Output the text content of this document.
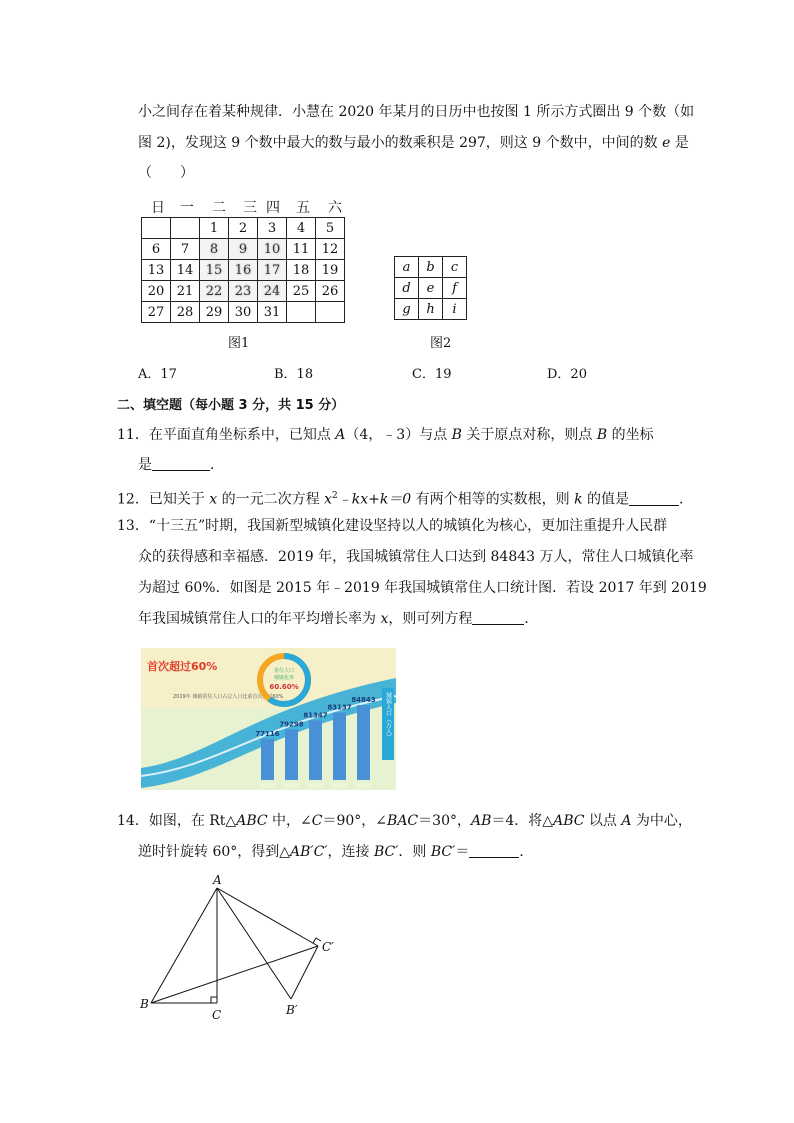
小之间存在着某种规律．小慧在 2020 年某月的日历中也按图 1 所示方式圈出 9 个数（如
图 2)，发现这 9 个数中最大的数与最小的数乘积是 297，则这 9 个数中，中间的数 e 是
（　　）
日 一 二 三 四 五 六
		1	2	3	4	5
6	7	8	9	10	11	12
13	14	15	16	17	18	19
20	21	22	23	24	25	26
27	28	29	30	31		
图1
a	b	c
d	e	f
g	h	i
图2
A．17	B．18	C．19	D．20
二、填空题（每小题 3 分，共 15 分）
11．在平面直角坐标系中，已知点 A（4，﹣3）与点 B 关于原点对称，则点 B 的坐标
是	．
12．已知关于 x 的一元二次方程 $x^2﹣kx+k=0$ 有两个相等的实数根，则 k 的值是	．
13．“十三五”时期，我国新型城镇化建设坚持以人的城镇化为核心，更加注重提升人民群
众的获得感和幸福感．2019 年，我国城镇常住人口达到 84843 万人，常住人口城镇化率
为超过 60%．如图是 2015 年﹣2019 年我国城镇常住人口统计图．若设 2017 年到 2019
年我国城镇常住人口的年平均增长率为 x，则可列方程	．
首次超过60%
2019年 城镇常住人口占总人口比重首次超过60%
常住人口
城镇化率
60.60%
城镇人口（万人）
77116
2015年
79298
2016年
81347
2017年
83137
2018年
84843
2019年
14．如图，在 Rt△ABC 中，∠C＝90°，∠BAC＝30°，AB＝4．将△ABC 以点 A 为中心，
逆时针旋转 60°，得到△AB′C′，连接 BC′．则 BC′＝	．
A
B
C	B′
C′
